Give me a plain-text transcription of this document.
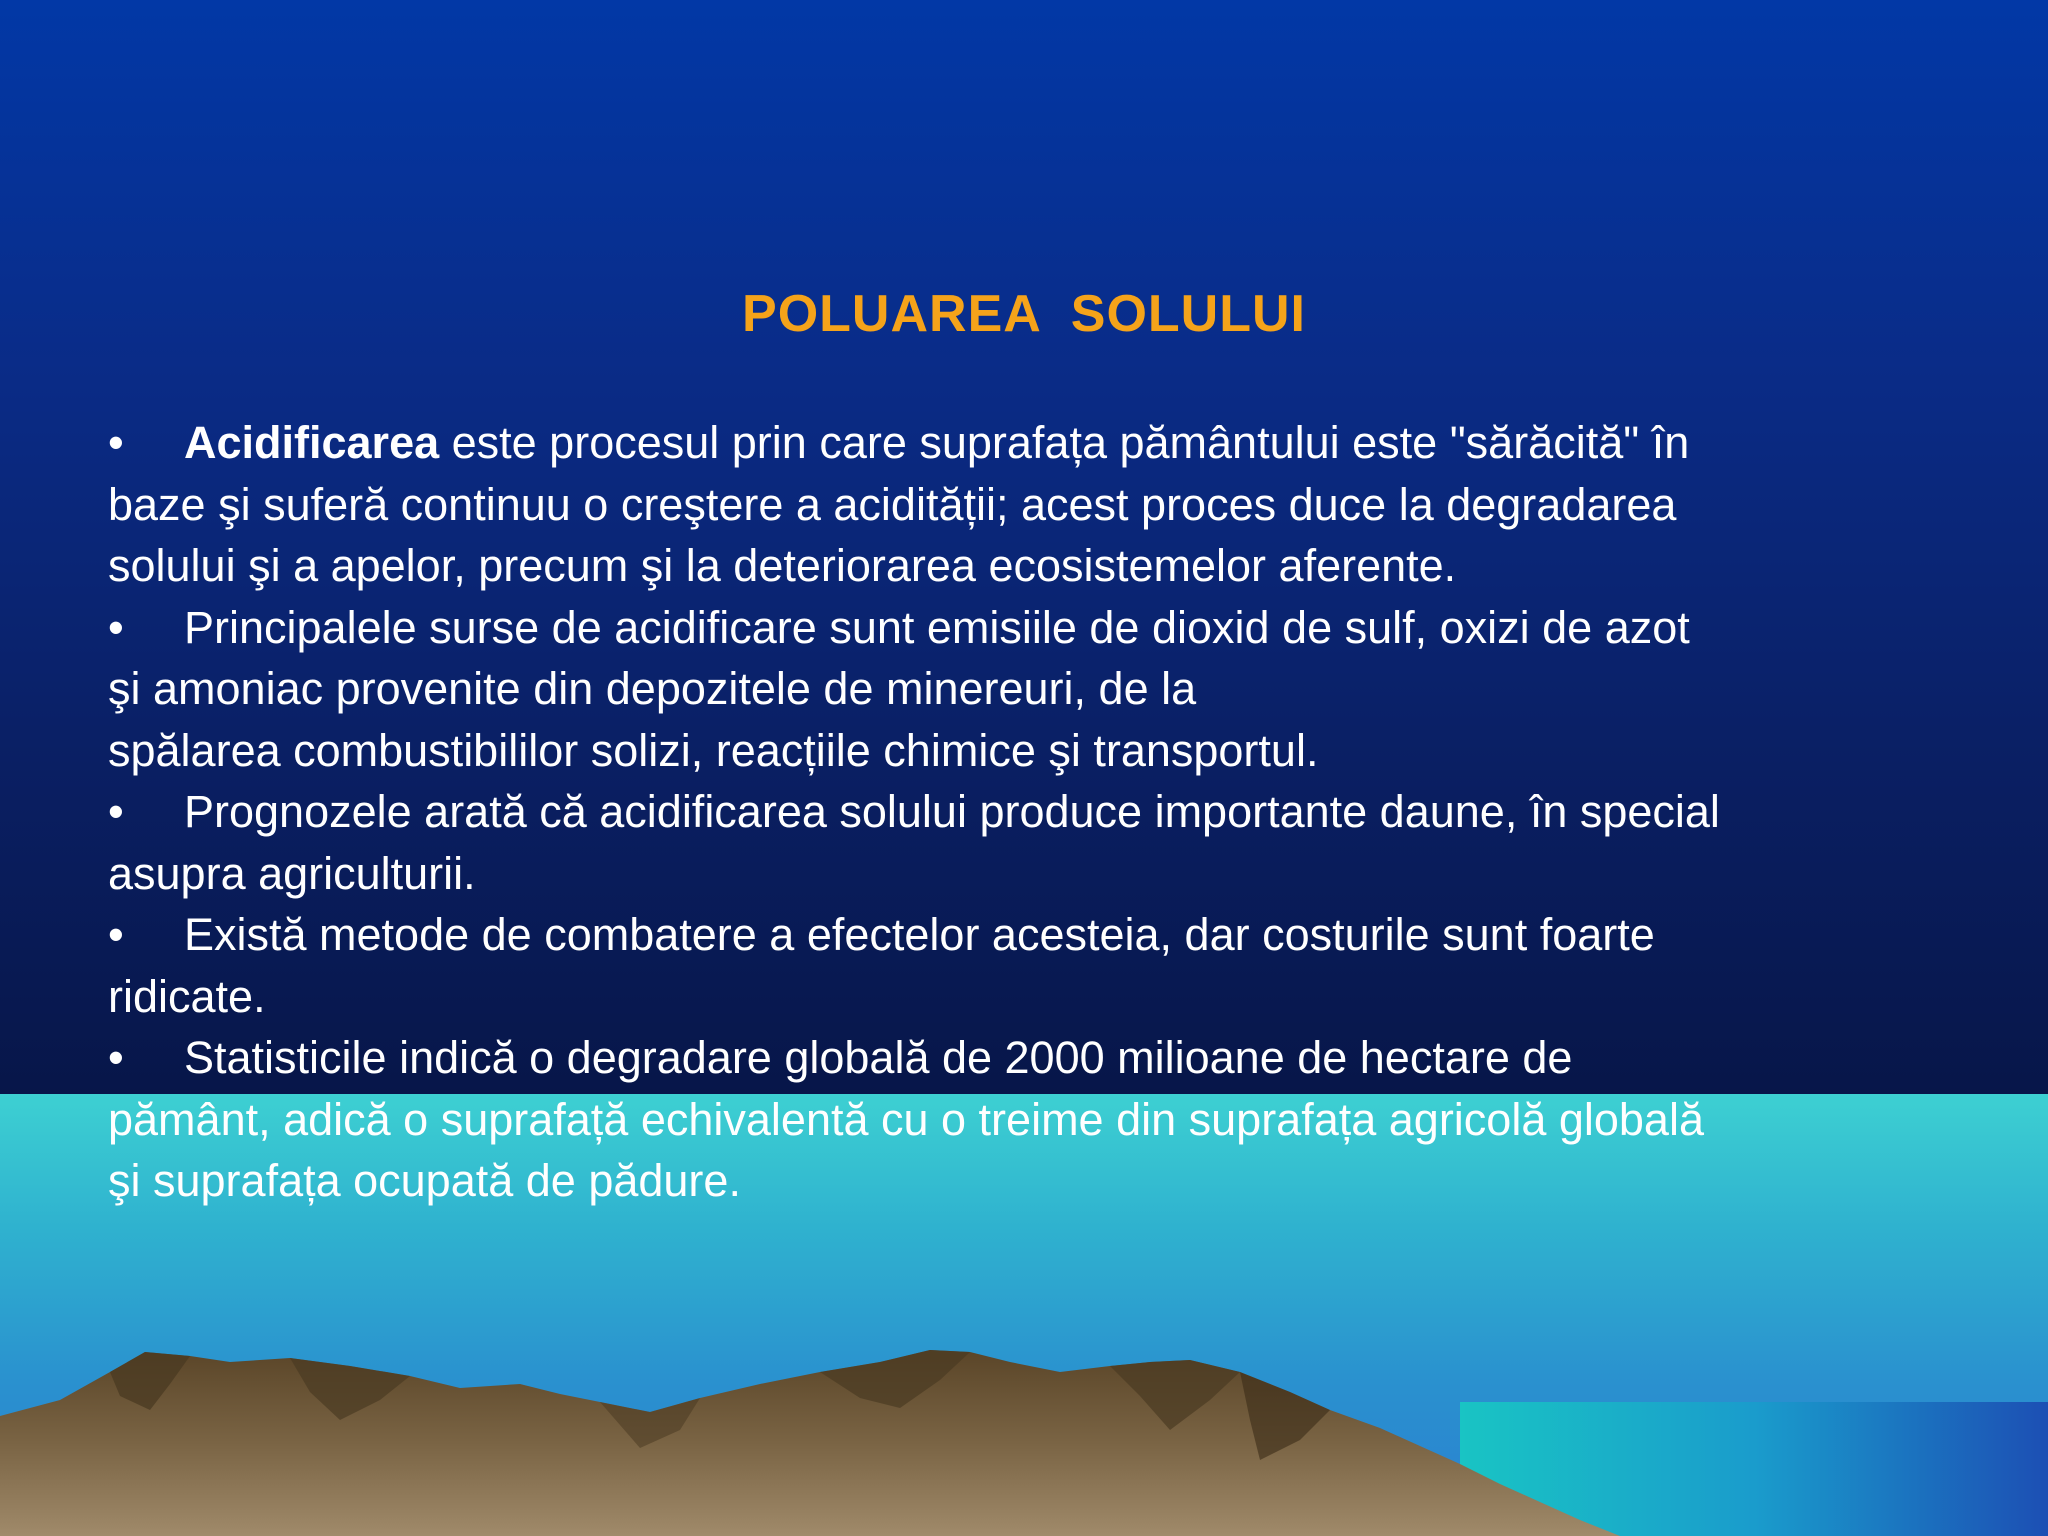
POLUAREA  SOLULUI

• Acidificarea este procesul prin care suprafața pământului este "sărăcită" în
baze şi suferă continuu o creştere a acidității; acest proces duce la degradarea
solului şi a apelor, precum şi la deteriorarea ecosistemelor aferente.

• Principalele surse de acidificare sunt emisiile de dioxid de sulf, oxizi de azot
şi amoniac provenite din depozitele de minereuri, de la
spălarea combustibililor solizi, reacțiile chimice şi transportul.

• Prognozele arată că acidificarea solului produce importante daune, în special
asupra agriculturii.

• Există metode de combatere a efectelor acesteia, dar costurile sunt foarte
ridicate.

• Statisticile indică o degradare globală de 2000 milioane de hectare de
pământ, adică o suprafață echivalentă cu o treime din suprafața agricolă globală
şi suprafața ocupată de pădure.
